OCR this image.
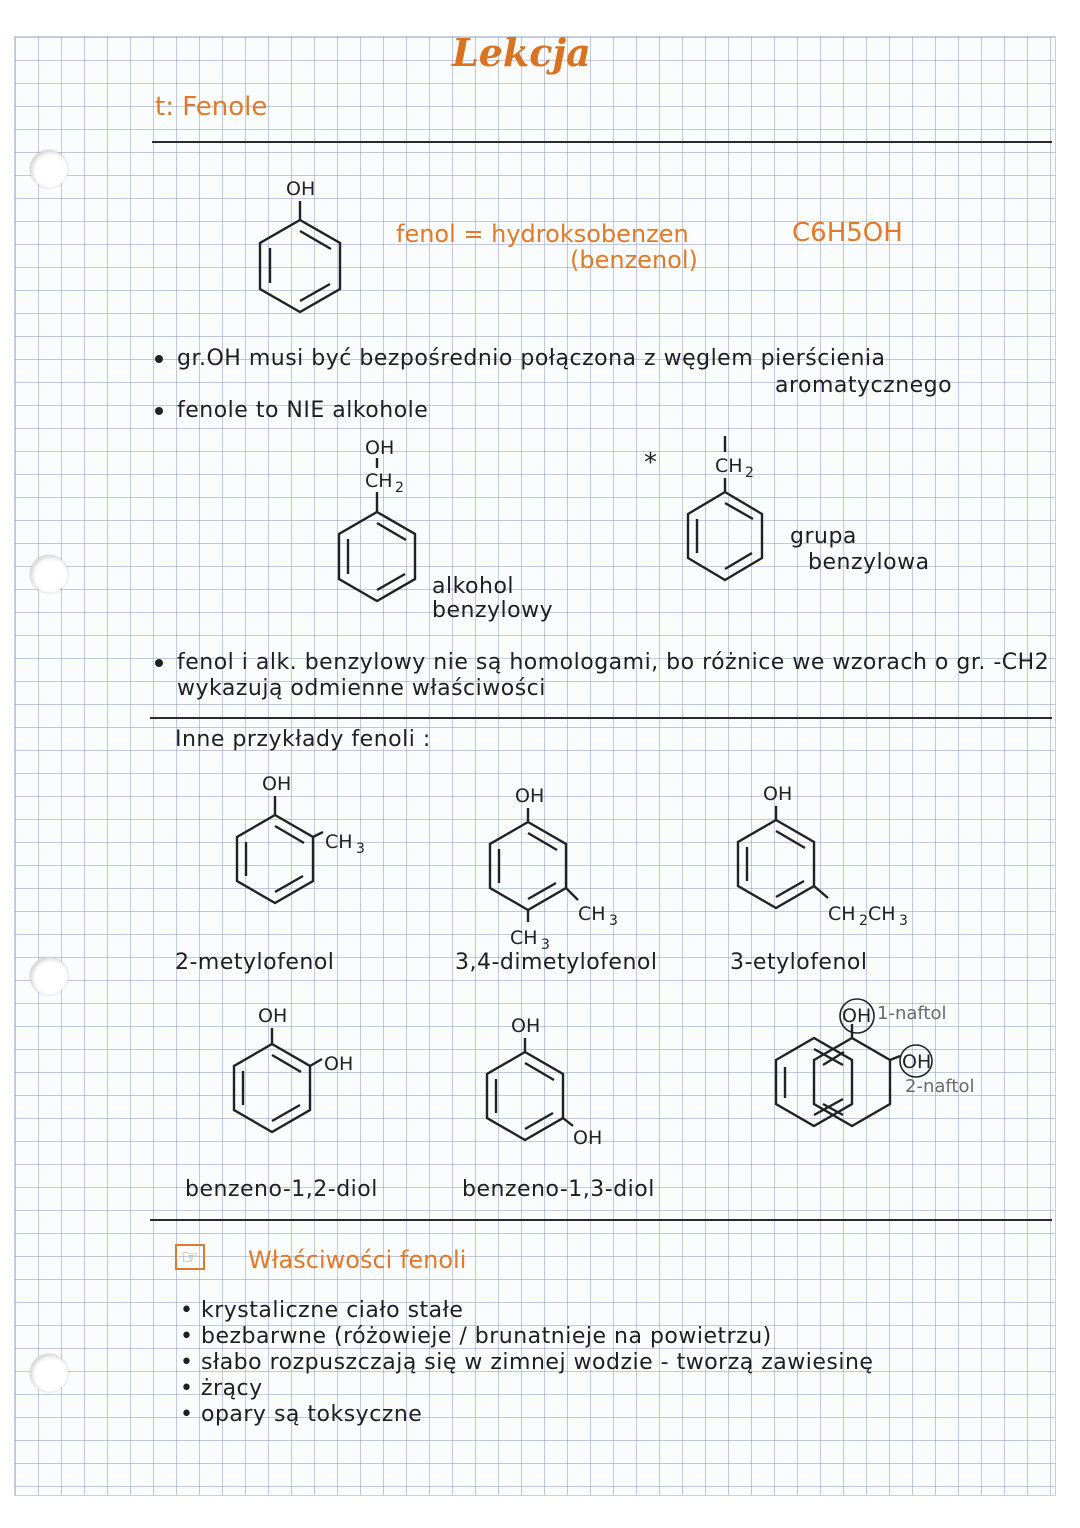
Lekcja
t: Fenole
OH
fenol = hydroksobenzen
(benzenol)
C6H5OH
gr.OH musi być bezpośrednio połączona z węglem pierścienia
aromatycznego
fenole to NIE alkohole
OH
CH 2
alkohol
benzylowy
*	CH 2
grupa
benzylowa
fenol i alk. benzylowy nie są homologami, bo różnice we wzorach o gr. -CH2
wykazują odmienne właściwości
Inne przykłady fenoli :
OH
CH 3
2-metylofenol
OH
CH 3
CH 3
3,4-dimetylofenol
OH
CH 2 CH 3
3-etylofenol
OH
OH
benzeno-1,2-diol
OH
OH
benzeno-1,3-diol
OH
OH
1-naftol
2-naftol
☞ Właściwości fenoli
• krystaliczne ciało stałe
• bezbarwne (różowieje / brunatnieje na powietrzu)
• słabo rozpuszczają się w zimnej wodzie - tworzą zawiesinę
• żrący
• opary są toksyczne
